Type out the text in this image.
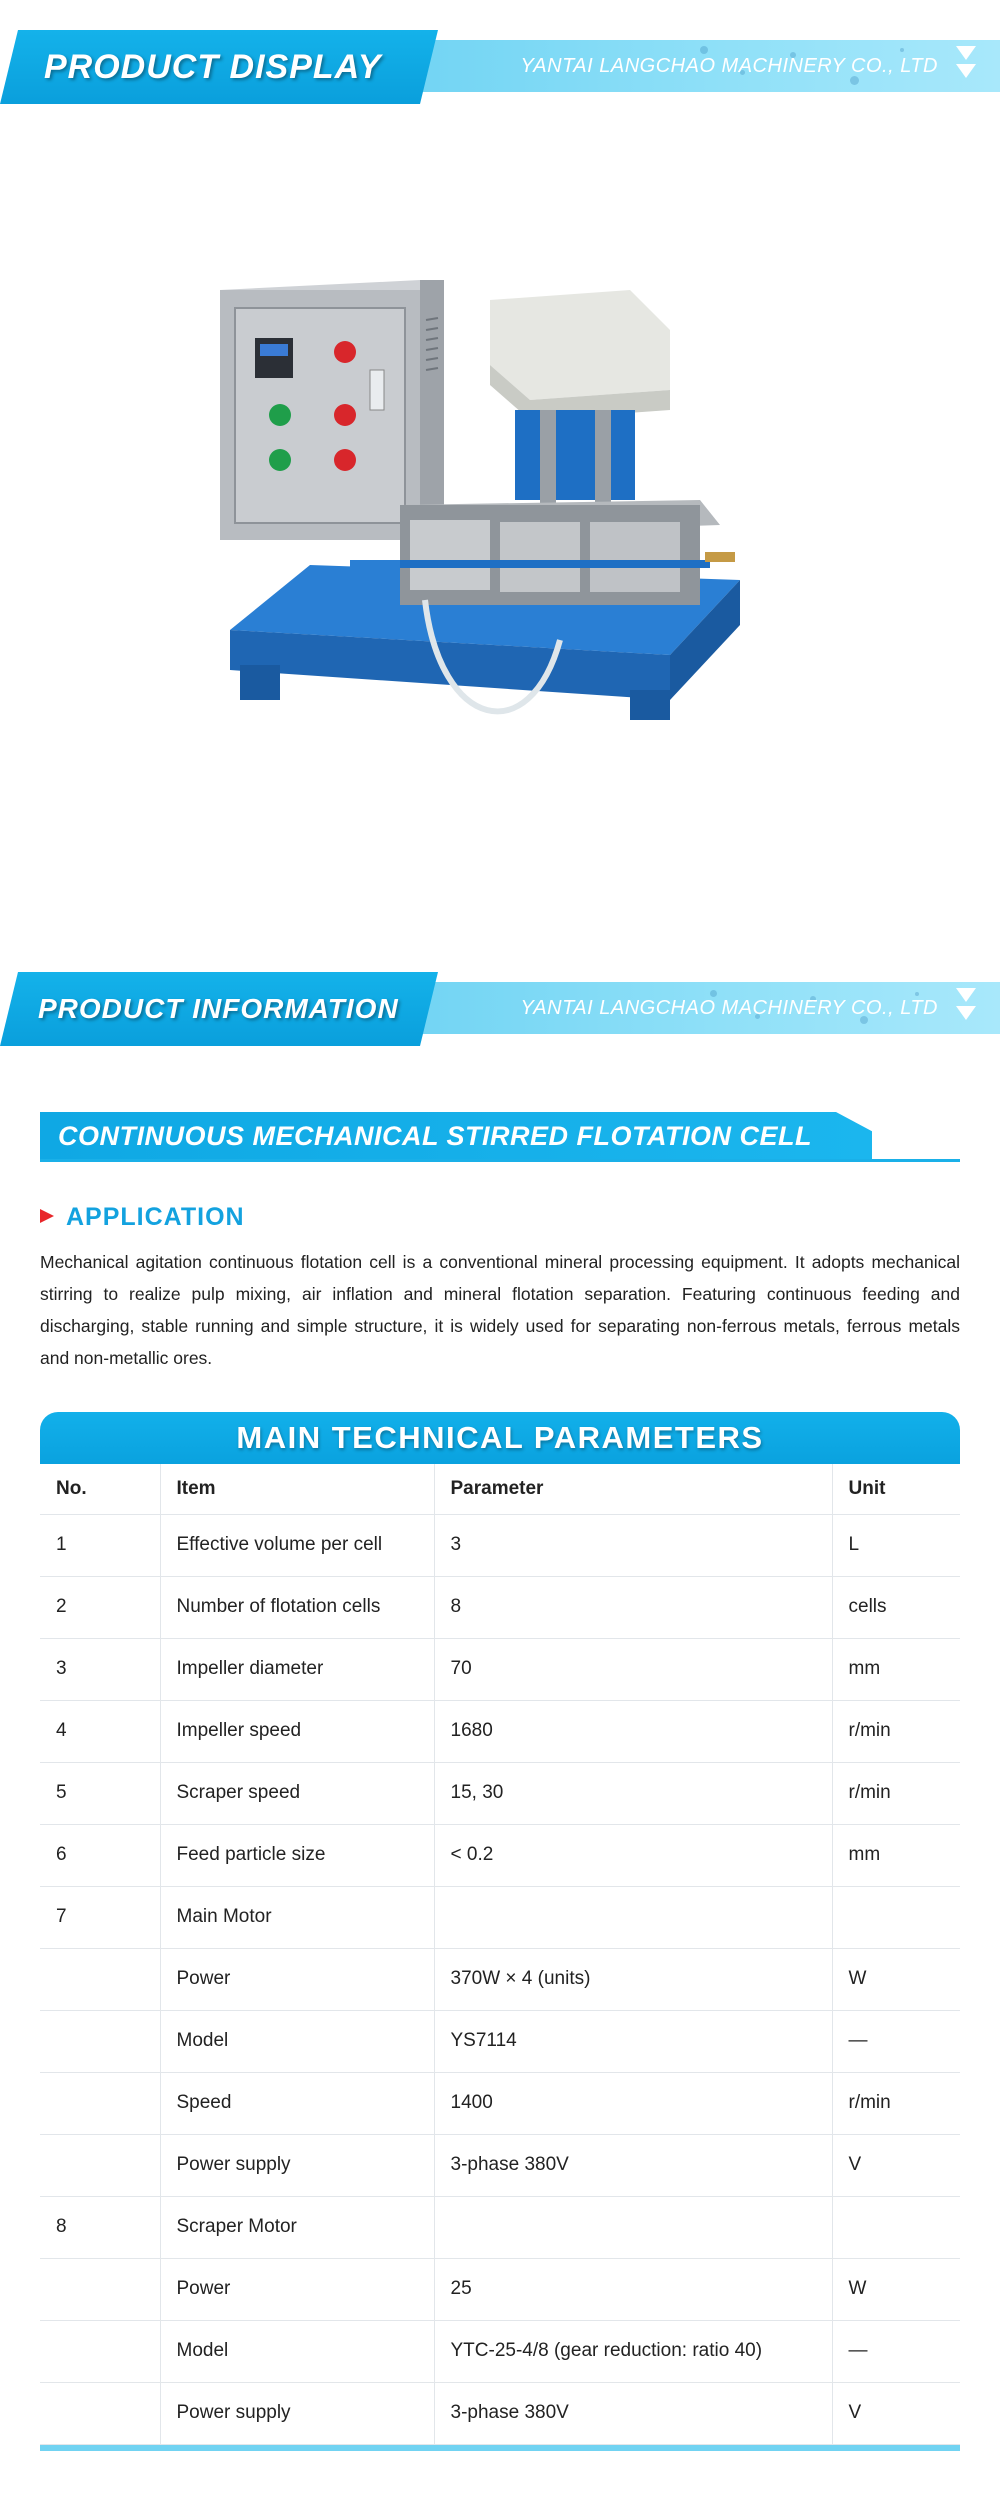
PRODUCT DISPLAY	YANTAI LANGCHAO MACHINERY CO., LTD
PRODUCT INFORMATION	YANTAI LANGCHAO MACHINERY CO., LTD
CONTINUOUS MECHANICAL STIRRED FLOTATION CELL
APPLICATION

Mechanical agitation continuous flotation cell is a conventional mineral processing equipment. It adopts mechanical stirring to realize pulp mixing, air inflation and mineral flotation separation. Featuring continuous feeding and discharging, stable running and simple structure, it is widely used for separating non-ferrous metals, ferrous metals and non-metallic ores.

MAIN TECHNICAL PARAMETERS
No.	Item	Parameter	Unit
1	Effective volume per cell	3	L
2	Number of flotation cells	8	cells
3	Impeller diameter	70	mm
4	Impeller speed	1680	r/min
5	Scraper speed	15, 30	r/min
6	Feed particle size	< 0.2	mm
7	Main Motor		
	Power	370W × 4 (units)	W
	Model	YS7114	—
	Speed	1400	r/min
	Power supply	3-phase 380V	V
8	Scraper Motor		
	Power	25	W
	Model	YTC-25-4/8 (gear reduction: ratio 40)	—
	Power supply	3-phase 380V	V
